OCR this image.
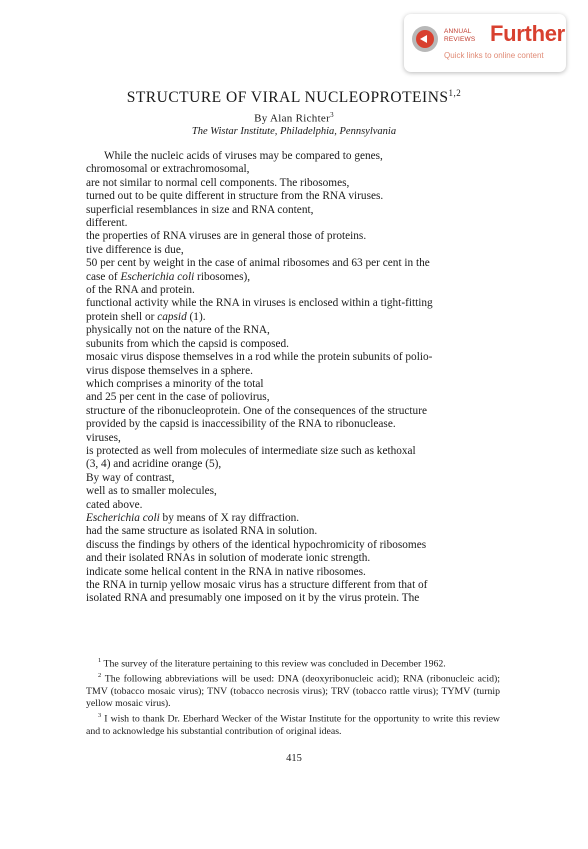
ANNUAL
REVIEWS Further
Quick links to online content
STRUCTURE OF VIRAL NUCLEOPROTEINS$^{1,2}$
By Alan Richter$^3$
The Wistar Institute, Philadelphia, Pennsylvania

While the nucleic acids of viruses may be compared to genes,

chromosomal or extrachromosomal,

are not similar to normal cell components. The ribosomes,

turned out to be quite different in structure from the RNA viruses.

superficial resemblances in size and RNA content,

different.

the properties of RNA viruses are in general those of proteins.

tive difference is due,

50 per cent by weight in the case of animal ribosomes and 63 per cent in the

case of Escherichia coli ribosomes),

of the RNA and protein.

functional activity while the RNA in viruses is enclosed within a tight-fitting

protein shell or capsid (1).

physically not on the nature of the RNA,

subunits from which the capsid is composed.

mosaic virus dispose themselves in a rod while the protein subunits of polio-

virus dispose themselves in a sphere.

which comprises a minority of the total

and 25 per cent in the case of poliovirus,

structure of the ribonucleoprotein. One of the consequences of the structure

provided by the capsid is inaccessibility of the RNA to ribonuclease.

viruses,

is protected as well from molecules of intermediate size such as kethoxal

(3, 4) and acridine orange (5),

By way of contrast,

well as to smaller molecules,

cated above.

Escherichia coli by means of X ray diffraction.

had the same structure as isolated RNA in solution.

discuss the findings by others of the identical hypochromicity of ribosomes

and their isolated RNAs in solution of moderate ionic strength.

indicate some helical content in the RNA in native ribosomes.

the RNA in turnip yellow mosaic virus has a structure different from that of

isolated RNA and presumably one imposed on it by the virus protein. The

$^1$ The survey of the literature pertaining to this review was concluded in December 1962.

$^2$ The following abbreviations will be used: DNA (deoxyribonucleic acid); RNA (ribonucleic acid); TMV (tobacco mosaic virus); TNV (tobacco necrosis virus); TRV (tobacco rattle virus); TYMV (turnip yellow mosaic virus).

$^3$ I wish to thank Dr. Eberhard Wecker of the Wistar Institute for the opportunity to write this review and to acknowledge his substantial contribution of original ideas.

415
